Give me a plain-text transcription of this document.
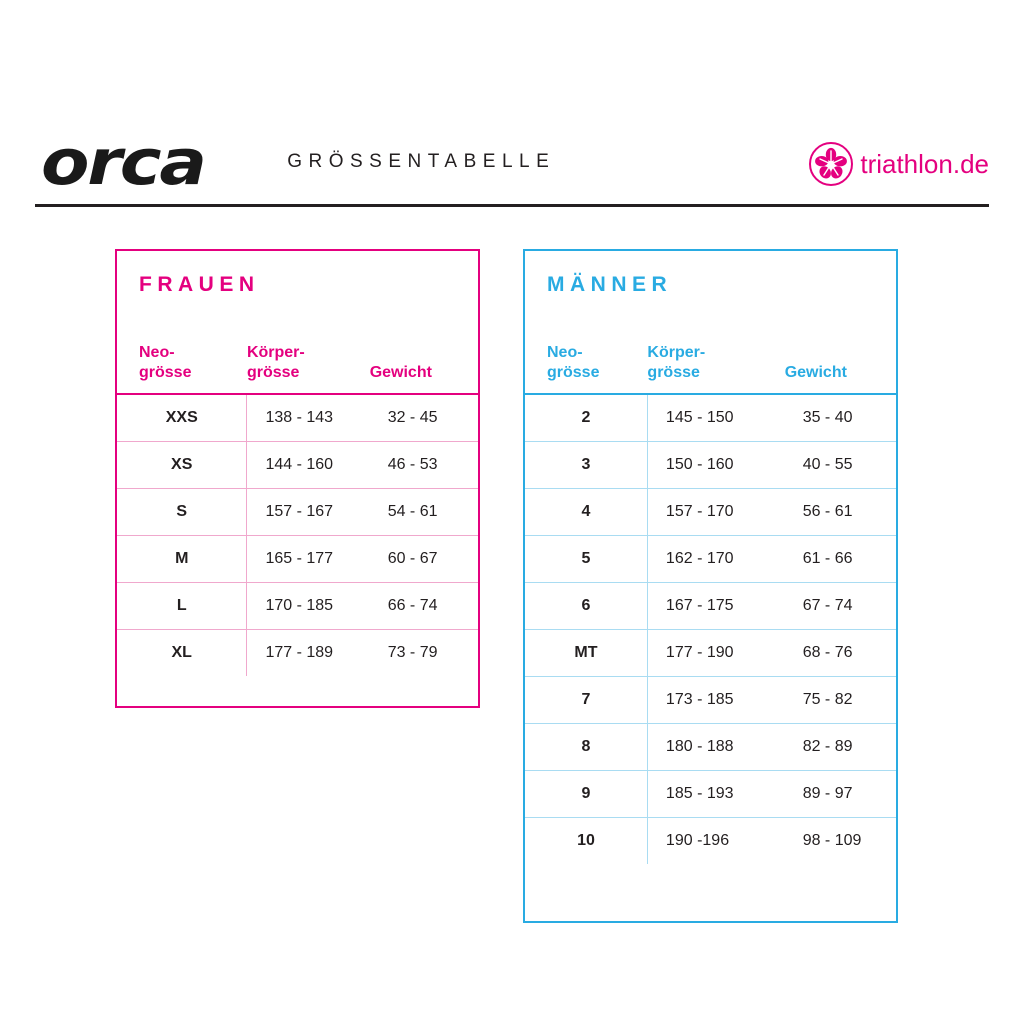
orca	GRÖSSENTABELLE	triathlon.de
FRAUEN
Neo-
grösse

Körper-
grösse	Gewicht

XXS	138 - 143	32 - 45
XS	144 - 160	46 - 53
S	157 - 167	54 - 61
M	165 - 177	60 - 67
L	170 - 185	66 - 74
XL	177 - 189	73 - 79
MÄNNER
Neo-
grösse

Körper-
grösse	Gewicht

2	145 - 150	35 - 40
3	150 - 160	40 - 55
4	157 - 170	56 - 61
5	162 - 170	61 - 66
6	167 - 175	67 - 74
MT	177 - 190	68 - 76
7	173 - 185	75 - 82
8	180 - 188	82 - 89
9	185 - 193	89 - 97
10	190 -196	98 - 109
